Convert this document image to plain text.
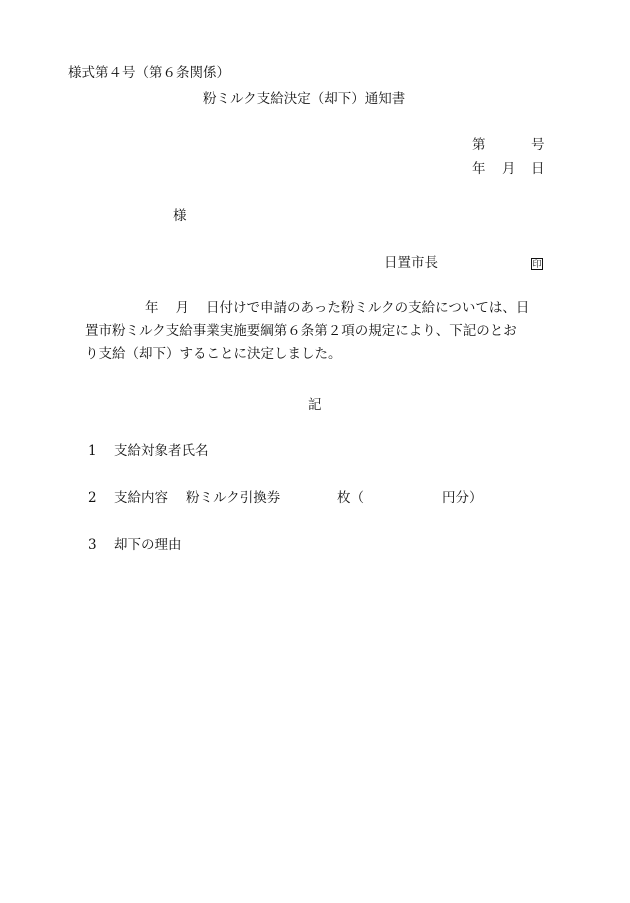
様式第４号（第６条関係）
粉ミルク支給決定（却下）通知書
第	号
年 月 日
様
日置市長	印
年 月 日付けで申請のあった粉ミルクの支給については、日
置市粉ミルク支給事業実施要綱第６条第２項の規定により、下記のとお
り支給（却下）することに決定しました。
記
1 支給対象者氏名
2 支給内容 粉ミルク引換券	枚（	円分）
3 却下の理由
